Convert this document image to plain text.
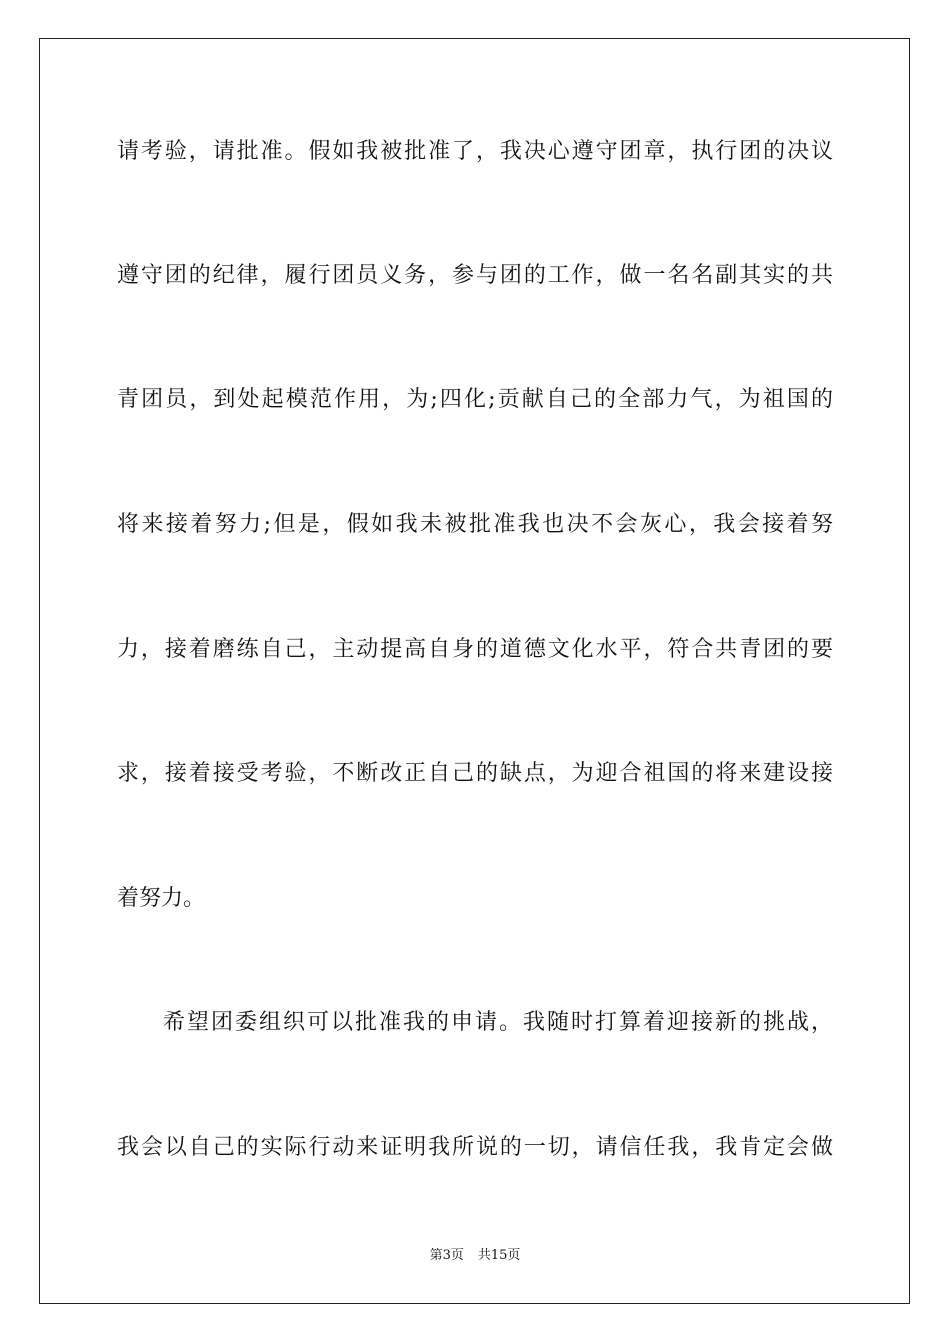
请考验，请批准。假如我被批准了，我决心遵守团章，执行团的决议

遵守团的纪律，履行团员义务，参与团的工作，做一名名副其实的共

青团员，到处起模范作用，为;四化;贡献自己的全部力气，为祖国的

将来接着努力;但是，假如我未被批准我也决不会灰心，我会接着努

力，接着磨练自己，主动提高自身的道德文化水平，符合共青团的要

求，接着接受考验，不断改正自己的缺点，为迎合祖国的将来建设接

着努力。

希望团委组织可以批准我的申请。我随时打算着迎接新的挑战，

我会以自己的实际行动来证明我所说的一切，请信任我，我肯定会做

第3页 共15页
